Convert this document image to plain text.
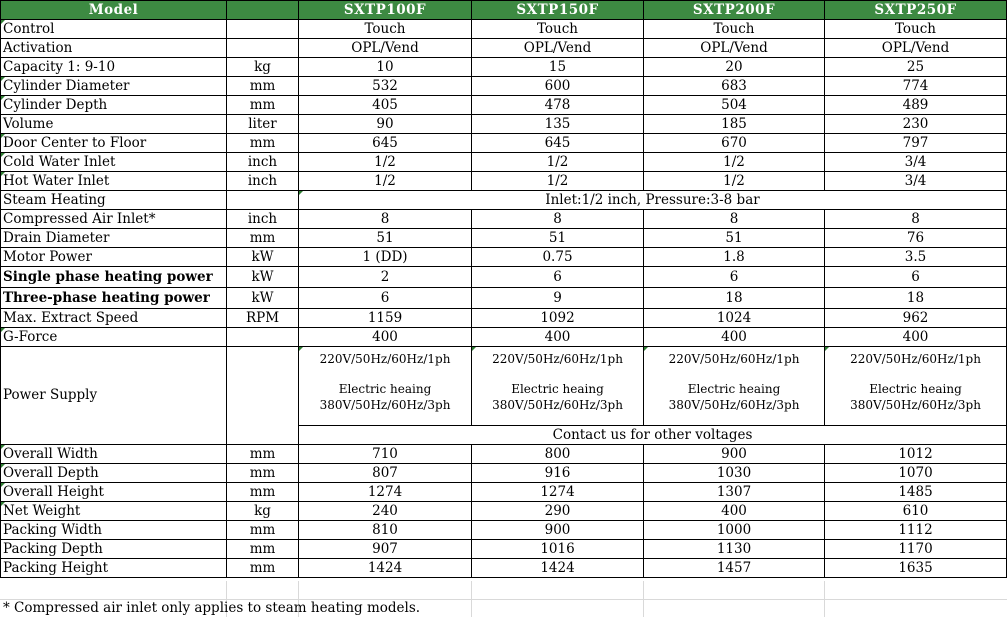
Model		SXTP100F	SXTP150F	SXTP200F	SXTP250F
Control		Touch	Touch	Touch	Touch
Activation		OPL/Vend	OPL/Vend	OPL/Vend	OPL/Vend
Capacity 1: 9-10	kg	10	15	20	25
Cylinder Diameter	mm	532	600	683	774
Cylinder Depth	mm	405	478	504	489
Volume	liter	90	135	185	230
Door Center to Floor	mm	645	645	670	797
Cold Water Inlet	inch	1/2	1/2	1/2	3/4
Hot Water Inlet	inch	1/2	1/2	1/2	3/4
Steam Heating		Inlet:1/2 inch, Pressure:3-8 bar			
Compressed Air Inlet*	inch	8	8	8	8
Drain Diameter	mm	51	51	51	76
Motor Power	kW	1 (DD)	0.75	1.8	3.5
Single phase heating power	kW	2	6	6	6
Three-phase heating power	kW	6	9	18	18
Max. Extract Speed	RPM	1159	1092	1024	962
G-Force		400	400	400	400
Power Supply		220V/50Hz/60Hz/1ph
Electric heaing
380V/50Hz/60Hz/3ph	220V/50Hz/60Hz/1ph
Electric heaing
380V/50Hz/60Hz/3ph	220V/50Hz/60Hz/1ph
Electric heaing
380V/50Hz/60Hz/3ph	220V/50Hz/60Hz/1ph
Electric heaing
380V/50Hz/60Hz/3ph

		Contact us for other voltages			
Overall Width	mm	710	800	900	1012
Overall Depth	mm	807	916	1030	1070
Overall Height	mm	1274	1274	1307	1485
Net Weight	kg	240	290	400	610
Packing Width	mm	810	900	1000	1112
Packing Depth	mm	907	1016	1130	1170
Packing Height	mm	1424	1424	1457	1635
* Compressed air inlet only applies to steam heating models.
